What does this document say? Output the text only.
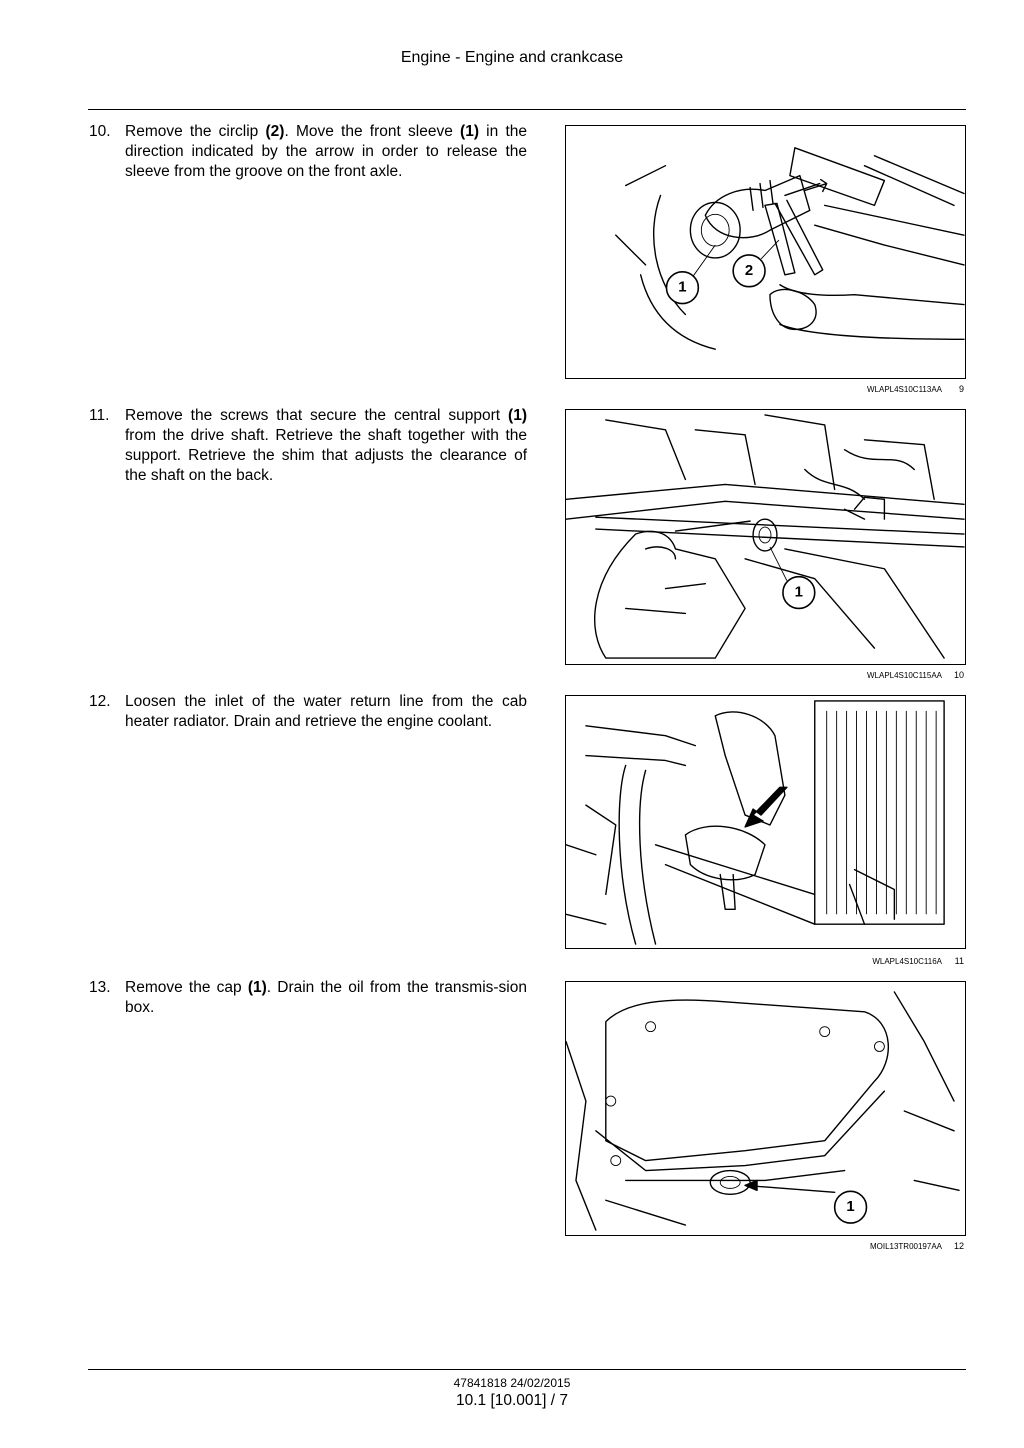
Engine - Engine and crankcase
10. Remove the circlip (2). Move the front sleeve (1) in the direction indicated by the arrow in order to release the sleeve from the groove on the front axle.
1
2
WLAPL4S10C113AA 9
11. Remove the screws that secure the central support (1) from the drive shaft. Retrieve the shaft together with the support. Retrieve the shim that adjusts the clearance of the shaft on the back.
1
WLAPL4S10C115AA 10
12. Loosen the inlet of the water return line from the cab heater radiator. Drain and retrieve the engine coolant.
WLAPL4S10C116A 11
13. Remove the cap (1). Drain the oil from the transmis-sion box.
1
MOIL13TR00197AA 12
47841818 24/02/2015
10.1 [10.001] / 7
